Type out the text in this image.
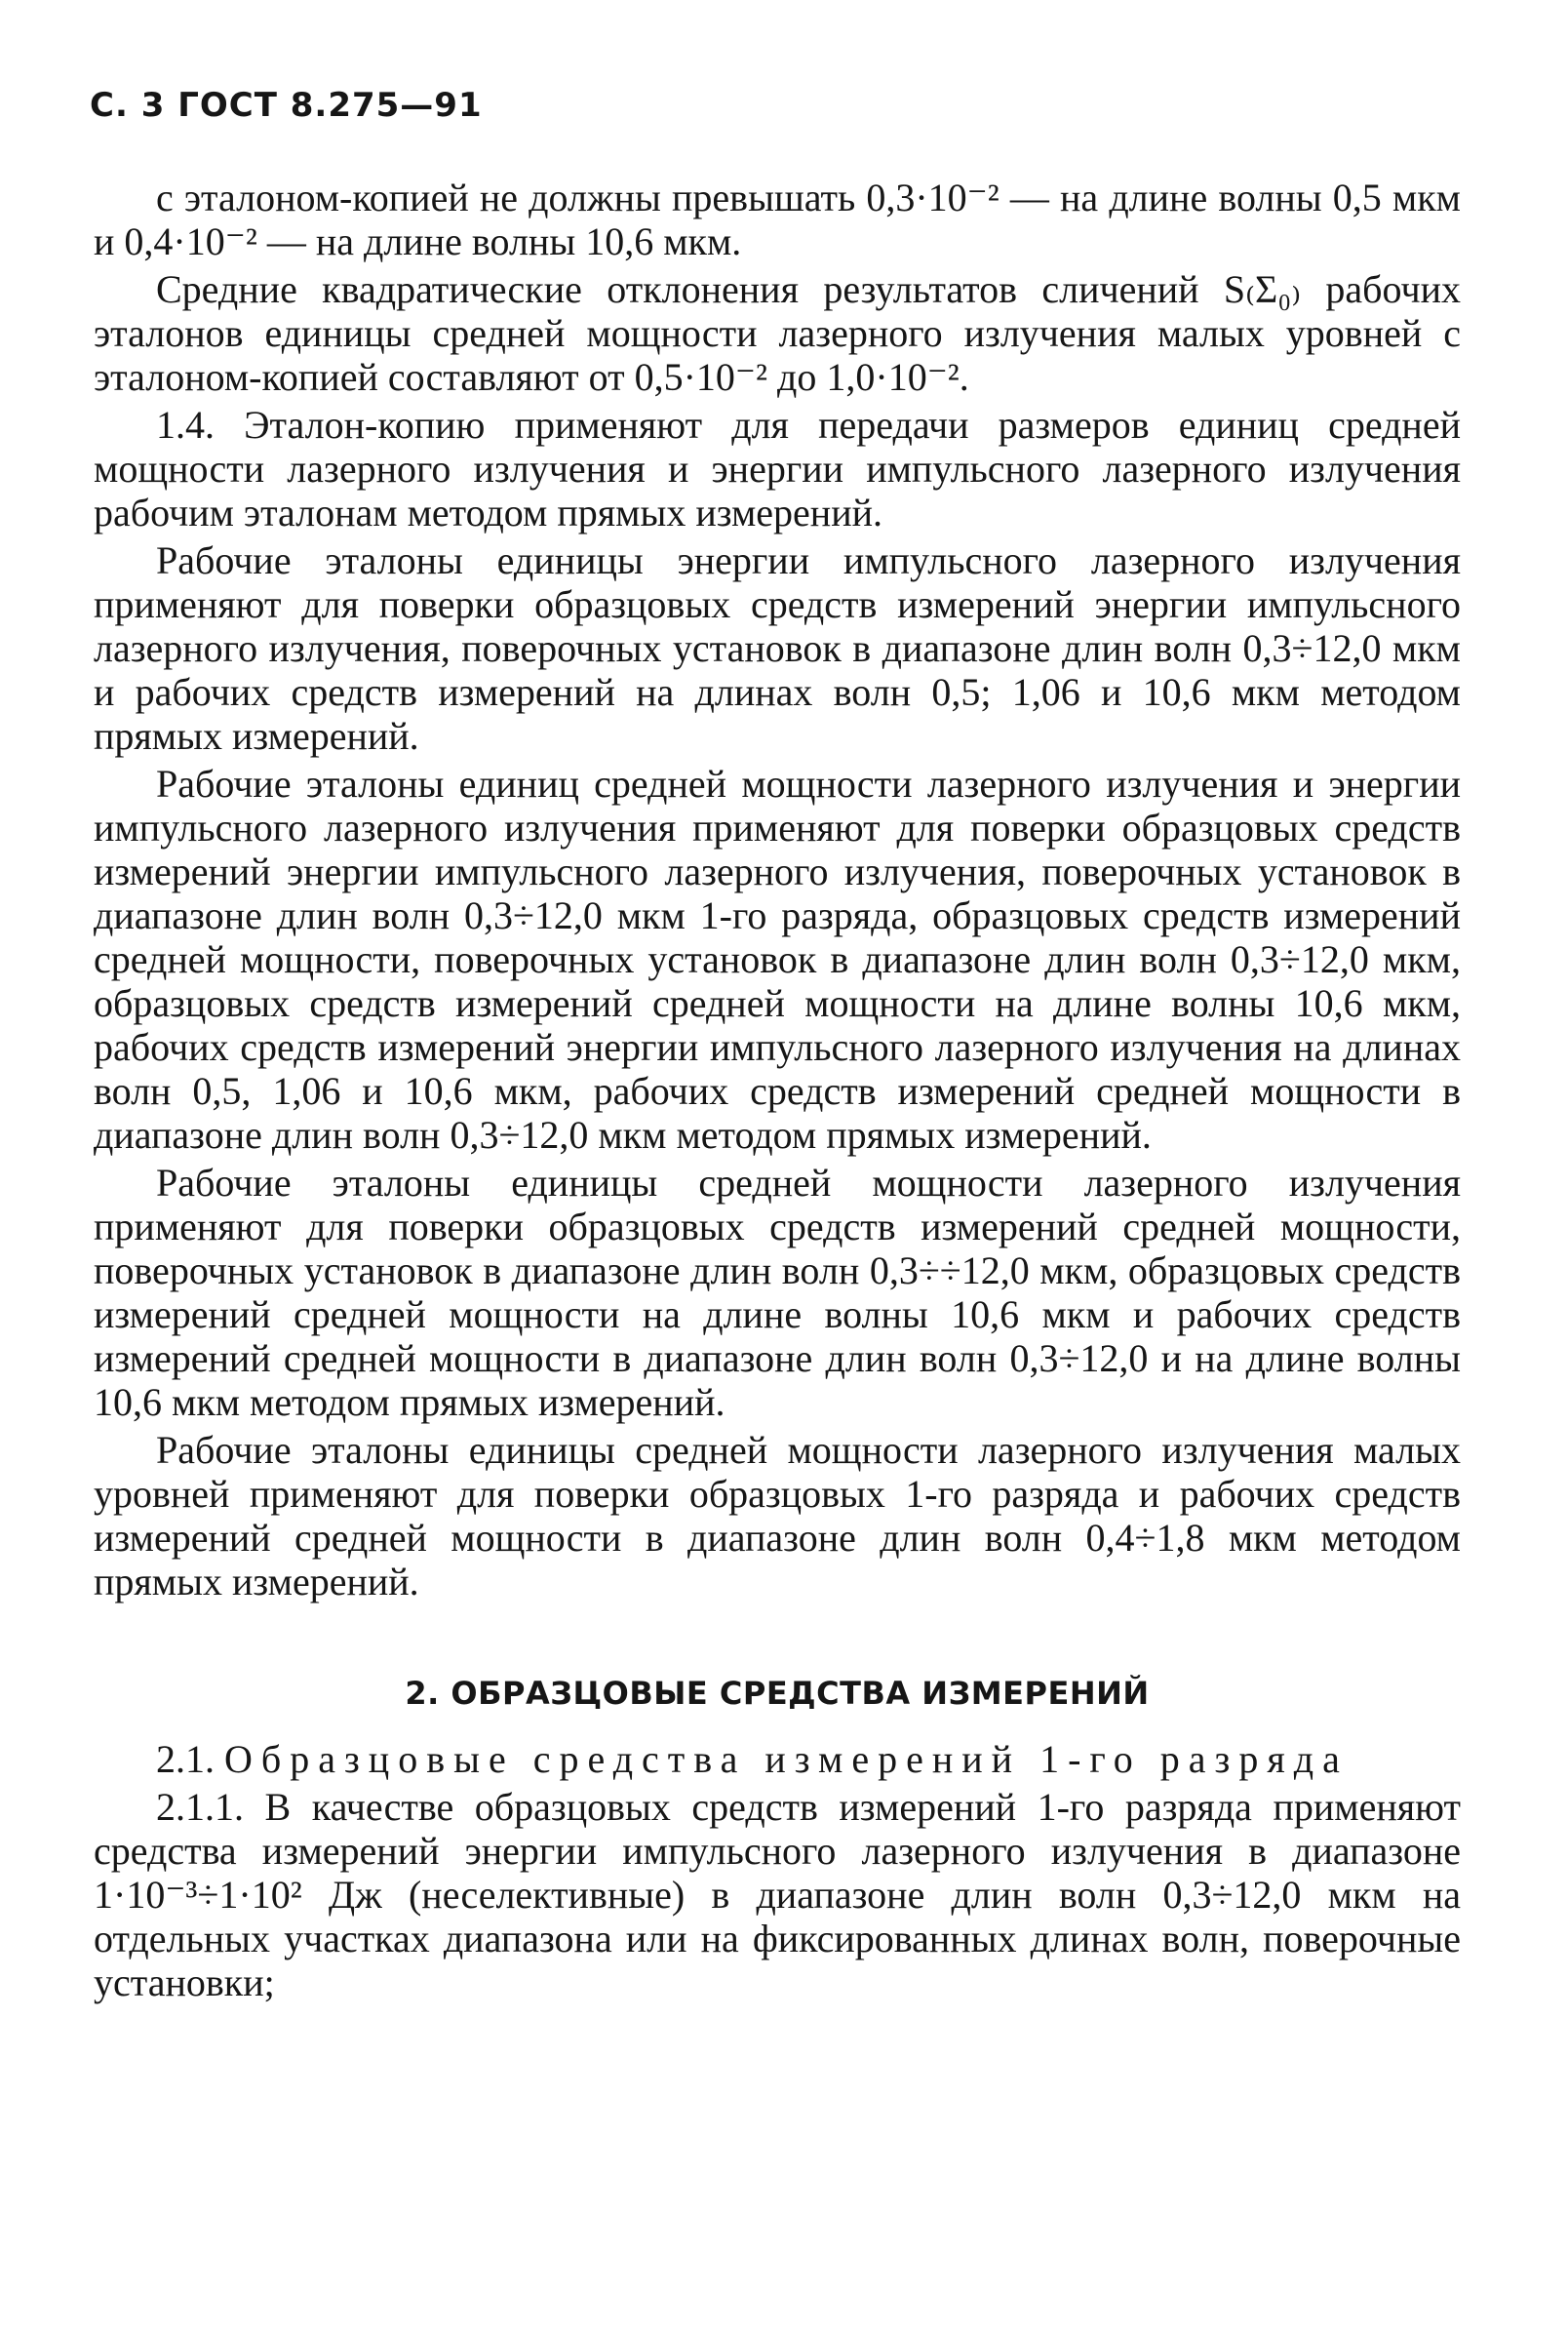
С. 3 ГОСТ 8.275—91

с эталоном-копией не должны превышать 0,3·10⁻² — на длине волны 0,5 мкм и 0,4·10⁻² — на длине волны 10,6 мкм.

Средние квадратические отклонения результатов сличений S₍Σ₀₎ рабочих эталонов единицы средней мощности лазерного излучения малых уровней с эталоном-копией составляют от 0,5·10⁻² до 1,0·10⁻².

1.4. Эталон-копию применяют для передачи размеров единиц средней мощности лазерного излучения и энергии импульсного лазерного излучения рабочим эталонам методом прямых измерений.

Рабочие эталоны единицы энергии импульсного лазерного излучения применяют для поверки образцовых средств измерений энергии импульсного лазерного излучения, поверочных установок в диапазоне длин волн 0,3÷12,0 мкм и рабочих средств измерений на длинах волн 0,5; 1,06 и 10,6 мкм методом прямых измерений.

Рабочие эталоны единиц средней мощности лазерного излучения и энергии импульсного лазерного излучения применяют для поверки образцовых средств измерений энергии импульсного лазерного излучения, поверочных установок в диапазоне длин волн 0,3÷12,0 мкм 1-го разряда, образцовых средств измерений средней мощности, поверочных установок в диапазоне длин волн 0,3÷12,0 мкм, образцовых средств измерений средней мощности на длине волны 10,6 мкм, рабочих средств измерений энергии импульсного лазерного излучения на длинах волн 0,5, 1,06 и 10,6 мкм, рабочих средств измерений средней мощности в диапазоне длин волн 0,3÷12,0 мкм методом прямых измерений.

Рабочие эталоны единицы средней мощности лазерного излучения применяют для поверки образцовых средств измерений средней мощности, поверочных установок в диапазоне длин волн 0,3÷÷12,0 мкм, образцовых средств измерений средней мощности на длине волны 10,6 мкм и рабочих средств измерений средней мощности в диапазоне длин волн 0,3÷12,0 и на длине волны 10,6 мкм методом прямых измерений.

Рабочие эталоны единицы средней мощности лазерного излучения малых уровней применяют для поверки образцовых 1-го разряда и рабочих средств измерений средней мощности в диапазоне длин волн 0,4÷1,8 мкм методом прямых измерений.

2. ОБРАЗЦОВЫЕ СРЕДСТВА ИЗМЕРЕНИЙ

2.1. Образцовые средства измерений 1-го разряда

2.1.1. В качестве образцовых средств измерений 1-го разряда применяют средства измерений энергии импульсного лазерного излучения в диапазоне 1·10⁻³÷1·10² Дж (неселективные) в диапазоне длин волн 0,3÷12,0 мкм на отдельных участках диапазона или на фиксированных длинах волн, поверочные установки;
